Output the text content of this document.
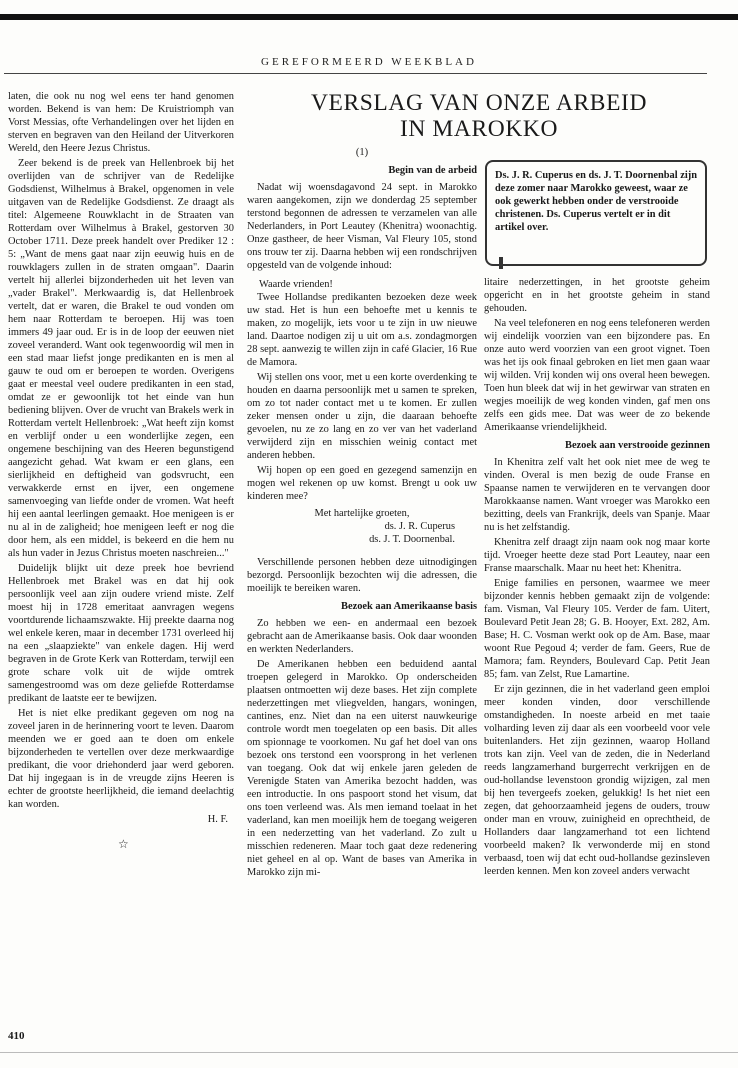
GEREFORMEERD WEEKBLAD

laten, die ook nu nog wel eens ter hand genomen worden. Bekend is van hem: De Kruistriomph van Vorst Messias, ofte Verhandelingen over het lijden en sterven en begraven van den Heiland der Uitverkoren Wereld, den Heere Jezus Christus.

Zeer bekend is de preek van Hellenbroek bij het overlijden van de schrijver van de Redelijke Godsdienst, Wilhelmus à Brakel, opgenomen in vele uitgaven van de Redelijke Godsdienst. Ze draagt als titel: Algemeene Rouwklacht in de Straaten van Rotterdam over Wilhelmus à Brakel, gestorven 30 October 1711. Deze preek handelt over Prediker 12 : 5: „Want de mens gaat naar zijn eeuwig huis en de rouwklagers zullen in de straten omgaan". Daarin vertelt hij allerlei bijzonderheden uit het leven van „vader Brakel". Merkwaardig is, dat Hellenbroek vertelt, dat er waren, die Brakel te oud vonden om hem naar Rotterdam te beroepen. Hij was toen immers 49 jaar oud. Er is in de loop der eeuwen niet zoveel veranderd. Want ook tegenwoordig wil men in een stad maar liefst jonge predikanten en is men al gauw te oud om er beroepen te worden. Overigens gaat er meestal veel oudere predikanten in een stad, omdat ze er gewoonlijk tot het einde van hun bediening blijven. Over de vrucht van Brakels werk in Rotterdam vertelt Hellenbroek: „Wat heeft zijn komst en verblijf onder u een wonderlijke zegen, een ongemene beschijning van des Heeren begunstigend aangezicht gehad. Wat kwam er een glans, een sierlijkheid en deftigheid van godsvrucht, een verwakkerde ernst en ijver, een ongemene samenvoeging van liefde onder de vromen. Wat heeft hij een aantal leerlingen gemaakt. Hoe menigeen is er nu al in de zaligheid; hoe menigeen leeft er nog die door hem, als een middel, is bekeerd en die hem nu als hun vader in Jezus Christus moeten naschreien..."

Duidelijk blijkt uit deze preek hoe bevriend Hellenbroek met Brakel was en dat hij ook persoonlijk veel aan zijn oudere vriend miste. Zelf moest hij in 1728 emeritaat aanvragen wegens voortdurende lichaamszwakte. Hij preekte daarna nog wel enkele keren, maar in december 1731 overleed hij na een „slaapziekte" van enkele dagen. Hij werd begraven in de Grote Kerk van Rotterdam, terwijl een grote schare volk uit de wijde omtrek samengestroomd was om deze geliefde Rotterdamse predikant de laatste eer te bewijzen.

Het is niet elke predikant gegeven om nog na zoveel jaren in de herinnering voort te leven. Daarom meenden we er goed aan te doen om enkele bijzonderheden te vertellen over deze merkwaardige predikant, die voor driehonderd jaar werd geboren. Dat hij ingegaan is in de vreugde zijns Heeren is echter de grootste heerlijkheid, die iemand deelachtig kan worden.

H. F.

☆

VERSLAG VAN ONZE ARBEID
IN MAROKKO
Ds. J. R. Cuperus en ds. J. T. Doornenbal zijn deze zomer naar Marokko geweest, waar ze ook gewerkt hebben onder de verstrooide christenen. Ds. Cuperus vertelt er in dit artikel over.

(1)

Begin van de arbeid

Nadat wij woensdagavond 24 sept. in Marokko waren aangekomen, zijn we donderdag 25 september terstond begonnen de adressen te verzamelen van alle Nederlanders, in Port Leautey (Khenitra) woonachtig. Onze gastheer, de heer Visman, Val Fleury 105, stond ons trouw ter zij. Daarna hebben wij een rondschrijven opgesteld van de volgende inhoud:

Waarde vrienden!

Twee Hollandse predikanten bezoeken deze week uw stad. Het is hun een behoefte met u kennis te maken, zo mogelijk, iets voor u te zijn in uw nieuwe land. Daartoe nodigen zij u uit om a.s. zondagmorgen 28 sept. aanwezig te willen zijn in café Glacier, 16 Rue de Mamora.

Wij stellen ons voor, met u een korte overdenking te houden en daarna persoonlijk met u samen te spreken, om zo tot nader contact met u te komen. Er zullen zeker mensen onder u zijn, die daaraan behoefte gevoelen, nu ze zo lang en zo ver van het vaderland verwijderd zijn en misschien weinig contact met anderen hebben.

Wij hopen op een goed en gezegend samenzijn en mogen wel rekenen op uw komst. Brengt u ook uw kinderen mee?

Met hartelijke groeten,

ds. J. R. Cuperus

ds. J. T. Doornenbal.

Verschillende personen hebben deze uitnodigingen bezorgd. Persoonlijk bezochten wij die adressen, die moeilijk te bereiken waren.

Bezoek aan Amerikaanse basis

Zo hebben we een- en andermaal een bezoek gebracht aan de Amerikaanse basis. Ook daar woonden en werkten Nederlanders.

De Amerikanen hebben een beduidend aantal troepen gelegerd in Marokko. Op onderscheiden plaatsen ontmoetten wij deze bases. Het zijn complete nederzettingen met vliegvelden, hangars, woningen, cantines, enz. Niet dan na een uiterst nauwkeurige controle wordt men toegelaten op een basis. Dit alles om spionnage te voorkomen. Nu gaf het doel van ons bezoek ons terstond een voorsprong in het verlenen van toegang. Ook dat wij enkele jaren geleden de Verenigde Staten van Amerika bezocht hadden, was een introductie. In ons paspoort stond het visum, dat ons toen verleend was. Als men iemand toelaat in het vaderland, kan men moeilijk hem de toegang weigeren in een nederzetting van het vaderland. Zo zult u misschien redeneren. Maar toch gaat deze redenering niet geheel en al op. Want de bases van Amerika in Marokko zijn mi-

litaire nederzettingen, in het grootste geheim opgericht en in het grootste geheim in stand gehouden.

Na veel telefoneren en nog eens telefoneren werden wij eindelijk voorzien van een bijzondere pas. En onze auto werd voorzien van een groot vignet. Toen was het ijs ook finaal gebroken en liet men gaan waar wij wilden. Vrij konden wij ons overal heen bewegen. Toen hun bleek dat wij in het gewirwar van straten en wegjes moeilijk de weg konden vinden, gaf men ons zelfs een gids mee. Dat was weer de zo bekende Amerikaanse vriendelijkheid.

Bezoek aan verstrooide gezinnen

In Khenitra zelf valt het ook niet mee de weg te vinden. Overal is men bezig de oude Franse en Spaanse namen te verwijderen en te vervangen door Marokkaanse namen. Want vroeger was Marokko een bezitting, deels van Frankrijk, deels van Spanje. Maar nu is het zelfstandig.

Khenitra zelf draagt zijn naam ook nog maar korte tijd. Vroeger heette deze stad Port Leautey, naar een Franse maarschalk. Maar nu heet het: Khenitra.

Enige families en personen, waarmee we meer bijzonder kennis hebben gemaakt zijn de volgende: fam. Visman, Val Fleury 105. Verder de fam. Uitert, Boulevard Petit Jean 28; G. B. Hooyer, Ext. 282, Am. Base; H. C. Vosman werkt ook op de Am. Base, maar woont Rue Pegoud 4; verder de fam. Geers, Rue de Mamora; fam. Reynders, Boulevard Cap. Petit Jean 85; fam. van Zelst, Rue Lamartine.

Er zijn gezinnen, die in het vaderland geen emploi meer konden vinden, door verschillende omstandigheden. In noeste arbeid en met taaie volharding leven zij daar als een voorbeeld voor vele buitenlanders. Het zijn gezinnen, waarop Holland trots kan zijn. Veel van de zeden, die in Nederland reeds langzamerhand burgerrecht verkrijgen en de oud-hollandse levenstoon grondig wijzigen, zal men bij hen tevergeefs zoeken, gelukkig! Is het niet een zegen, dat gehoorzaamheid jegens de ouders, trouw onder man en vrouw, zuinigheid en oprechtheid, de Hollanders daar langzamerhand tot een lichtend voorbeeld maken? Ik verwonderde mij en stond verbaasd, toen wij dat echt oud-hollandse gezinsleven leerden kennen. Men kon zoveel anders verwacht

410
